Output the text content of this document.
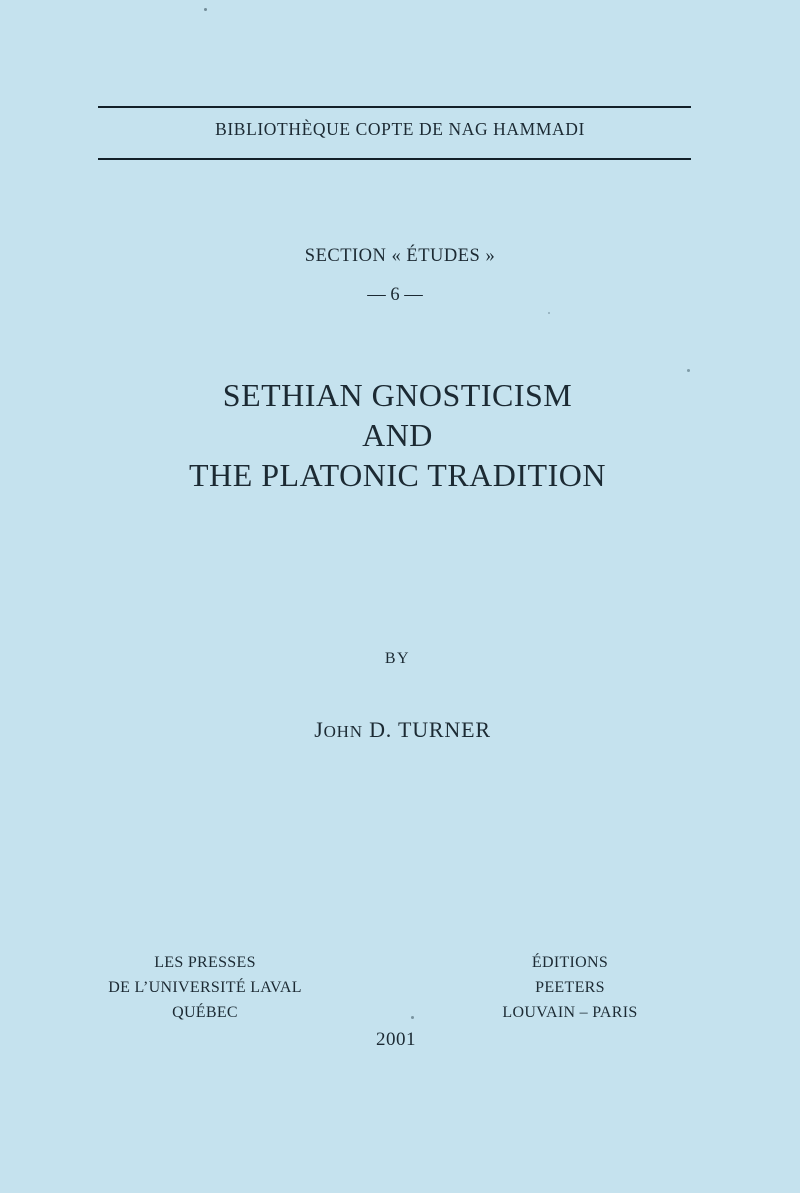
BIBLIOTHÈQUE COPTE DE NAG HAMMADI
SECTION « ÉTUDES »
— 6 —
SETHIAN GNOSTICISM
AND
THE PLATONIC TRADITION
BY
JOHN D. TURNER
LES PRESSES
DE L’UNIVERSITÉ LAVAL
QUÉBEC
ÉDITIONS
PEETERS
LOUVAIN – PARIS
2001
